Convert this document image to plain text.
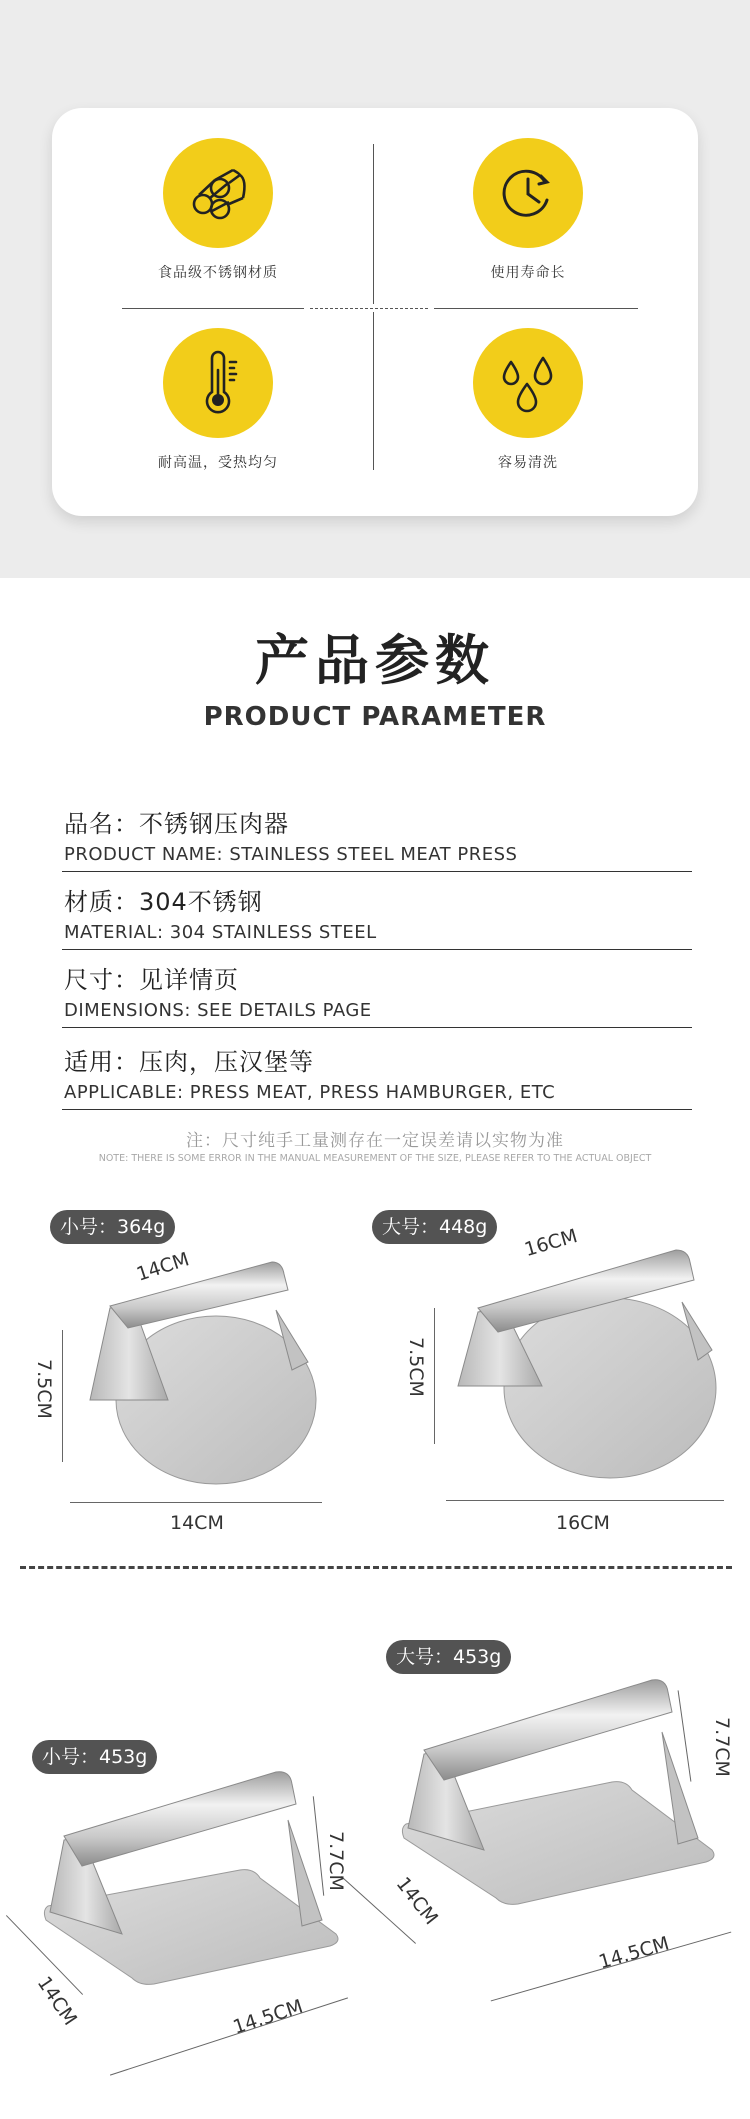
食品级不锈钢材质	使用寿命长
耐高温，受热均匀	容易清洗
产品参数
PRODUCT PARAMETER
品名：不锈钢压肉器
PRODUCT NAME: STAINLESS STEEL MEAT PRESS
材质：304不锈钢
MATERIAL: 304 STAINLESS STEEL
尺寸：见详情页
DIMENSIONS: SEE DETAILS PAGE
适用：压肉，压汉堡等
APPLICABLE: PRESS MEAT, PRESS HAMBURGER, ETC
注：尺寸纯手工量测存在一定误差请以实物为准
NOTE: THERE IS SOME ERROR IN THE MANUAL MEASUREMENT OF THE SIZE, PLEASE REFER TO THE ACTUAL OBJECT
小号：364g
14CM
7.5CM
14CM
大号：448g	16CM
7.5CM
16CM
大号：453g
7.7CM
14CM
14.5CM
小号：453g
7.7CM
14CM	14.5CM
